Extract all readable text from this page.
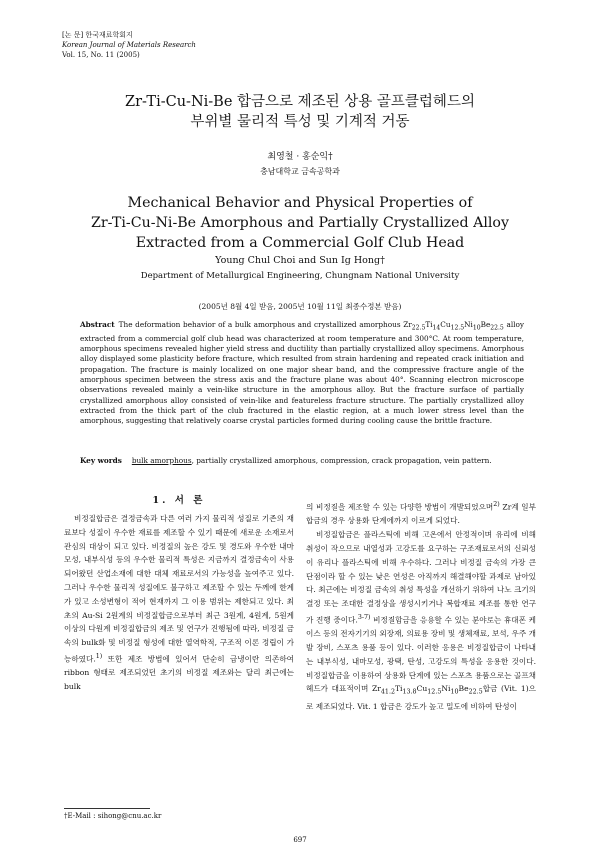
[논 문] 한국재료학회지
Korean Journal of Materials Research
Vol. 15, No. 11 (2005)
Zr-Ti-Cu-Ni-Be 합금으로 제조된 상용 골프클럽헤드의
부위별 물리적 특성 및 기계적 거동
최영철 · 홍순익†
충남대학교 금속공학과
Mechanical Behavior and Physical Properties of
Zr-Ti-Cu-Ni-Be Amorphous and Partially Crystallized Alloy
Extracted from a Commercial Golf Club Head
Young Chul Choi and Sun Ig Hong†
Department of Metallurgical Engineering, Chungnam National University
(2005년 8월 4일 받음, 2005년 10월 11일 최종수정본 받음)
Abstract The deformation behavior of a bulk amorphous and crystallized amorphous $Zr_{22.5}Ti_{14}Cu_{12.5}Ni_{10}Be_{22.5}$ alloy extracted from a commercial golf club head was characterized at room temperature and 300°C. At room temperature, amorphous specimens revealed higher yield stress and ductility than partially crystallized alloy specimens. Amorphous alloy displayed some plasticity before fracture, which resulted from strain hardening and repeated crack initiation and propagation. The fracture is mainly localized on one major shear band, and the compressive fracture angle of the amorphous specimen between the stress axis and the fracture plane was about 40°. Scanning electron microscope observations revealed mainly a vein-like structure in the amorphous alloy. But the fracture surface of partially crystallized amorphous alloy consisted of vein-like and featureless fracture structure. The partially crystallized alloy extracted from the thick part of the club fractured in the elastic region, at a much lower stress level than the amorphous, suggesting that relatively coarse crystal particles formed during cooling cause the brittle fracture.
Key words bulk amorphous, partially crystallized amorphous, compression, crack propagation, vein pattern.
1. 서 론

비정질합금은 결정금속과 다른 여러 가지 물리적 성질로 기존의 재료보다 성질이 우수한 재료를 제조할 수 있기 때문에 새로운 소재로서 관심의 대상이 되고 있다. 비정질의 높은 강도 및 경도와 우수한 내마모성, 내부식성 등의 우수한 물리적 특성은 지금까지 결정금속이 사용되어왔던 산업소재에 대한 대체 재료로서의 가능성을 높여주고 있다. 그러나 우수한 물리적 성질에도 불구하고 제조할 수 있는 두께에 한계가 있고 소성변형이 적어 현재까지 그 이용 범위는 제한되고 있다. 최초의 Au-Si 2원계의 비정질합금으로부터 최근 3원계, 4원계, 5원계 이상의 다원계 비정질합금의 제조 및 연구가 진행됨에 따라, 비정질 금속의 bulk화 및 비정질 형성에 대한 열역학적, 구조적 이론 정립이 가능하였다.$^{1)}$ 또한 제조 방법에 있어서 단순히 급냉이란 의존하여 ribbon 형태로 제조되었던 초기의 비정질 제조와는 달리 최근에는 bulk

의 비정질을 제조할 수 있는 다양한 방법이 개발되었으며$^{2)}$ Zr계 일부 합금의 경우 상용화 단계에까지 이르게 되었다.

비정질합금은 플라스틱에 비해 고온에서 안정적이며 유리에 비해 취성이 작으므로 내열성과 고강도를 요구하는 구조재료로서의 신뢰성이 유리나 플라스틱에 비해 우수하다. 그러나 비정질 금속의 가장 큰 단점이라 할 수 있는 낮은 연성은 아직까지 해결해야할 과제로 남아있다. 최근에는 비정질 금속의 취성 특성을 개선하기 위하여 나노 크기의 결정 또는 조대한 결정상을 생성시키거나 복합재료 제조를 통한 연구가 진행 중이다.$^{3-7)}$ 비정질합금을 응용할 수 있는 분야로는 휴대폰 케이스 등의 전자기기의 외장재, 의료용 장비 및 생체재료, 보석, 우주 개발 장비, 스포츠 용품 등이 있다. 이러한 응용은 비정질합금이 나타내는 내부식성, 내마모성, 광택, 탄성, 고강도의 특성을 응용한 것이다. 비정질합금을 이용하여 상용화 단계에 있는 스포츠 용품으로는 골프채 헤드가 대표적이며 $Zr_{41.2}Ti_{13.8}Cu_{12.5}Ni_{10}Be_{22.5}$합금 (Vit. 1)으로 제조되었다. Vit. 1 합금은 강도가 높고 밀도에 비하여 탄성이

†E-Mail : sihong@cnu.ac.kr
697
